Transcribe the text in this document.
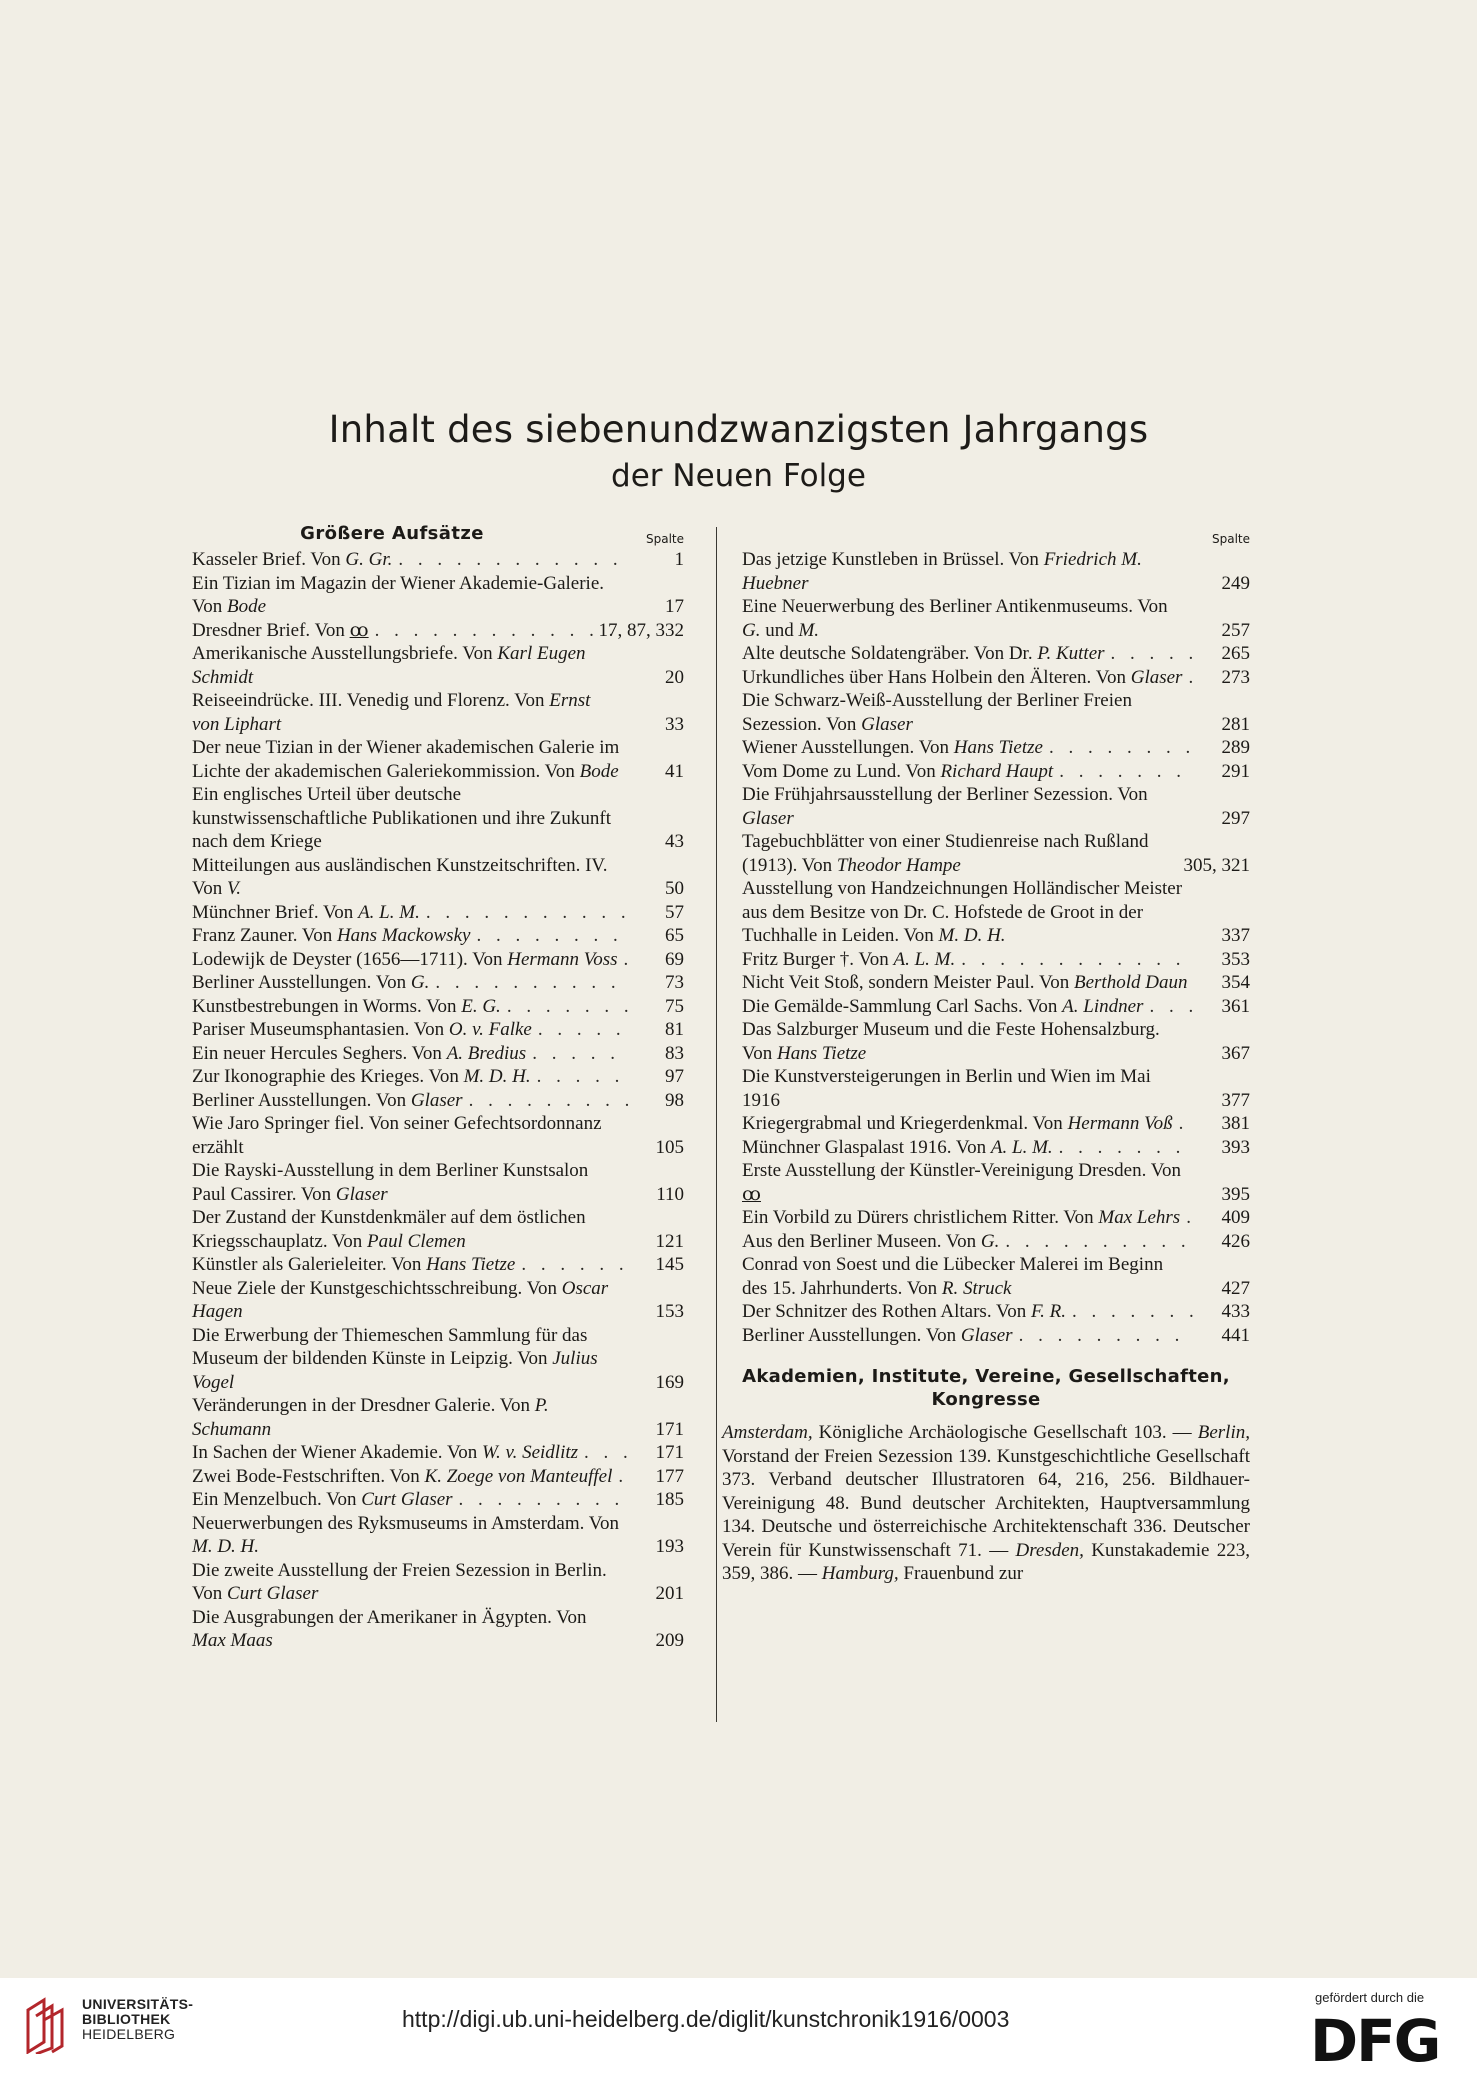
Inhalt des siebenundzwanzigsten Jahrgangs
der Neuen Folge
Größere Aufsätze	Spalte
Kasseler Brief. Von G. Gr. . . .	1
Ein Tizian im Magazin der Wiener Akademie-Galerie. Von Bode
. . .	17
Dresdner Brief. Von ꝏ . . .	17, 87, 332
Amerikanische Ausstellungsbriefe. Von Karl Eugen Schmidt
. . .	20
Reiseeindrücke. III. Venedig und Florenz. Von Ernst von Liphart
. . .	33
Der neue Tizian in der Wiener akademischen Galerie im Lichte der akademischen Galeriekommission. Von Bode
. . . 41
Ein englisches Urteil über deutsche kunstwissenschaftliche Publikationen und ihre Zukunft nach dem Kriege
. . .	43
Mitteilungen aus ausländischen Kunstzeitschriften. IV. Von V.
. . .	50
Münchner Brief. Von A. L. M. . . .	57
Franz Zauner. Von Hans Mackowsky . . .	65
Lodewijk de Deyster (1656—1711). Von Hermann Voss . . . 69
Berliner Ausstellungen. Von G. . . .	73
Kunstbestrebungen in Worms. Von E. G. . . .	75
Pariser Museumsphantasien. Von O. v. Falke . . .	81
Ein neuer Hercules Seghers. Von A. Bredius . . .	83
Zur Ikonographie des Krieges. Von M. D. H. . . .	97
Berliner Ausstellungen. Von Glaser . . .	98
Wie Jaro Springer fiel. Von seiner Gefechtsordonnanz erzählt
. . .	105
Die Rayski-Ausstellung in dem Berliner Kunstsalon Paul Cassirer. Von Glaser
. . .	110
Der Zustand der Kunstdenkmäler auf dem östlichen Kriegsschauplatz. Von Paul Clemen
. . .	121
Künstler als Galerieleiter. Von Hans Tietze . . .	145
Neue Ziele der Kunstgeschichtsschreibung. Von Oscar Hagen
. . .	153
Die Erwerbung der Thiemeschen Sammlung für das Museum der bildenden Künste in Leipzig. Von Julius Vogel
. . .	169
Veränderungen in der Dresdner Galerie. Von P. Schumann
. . .	171
In Sachen der Wiener Akademie. Von W. v. Seidlitz . . .	171
Zwei Bode-Festschriften. Von K. Zoege von Manteuffel . . . 177
Ein Menzelbuch. Von Curt Glaser . . .	185
Neuerwerbungen des Ryksmuseums in Amsterdam. Von M. D. H.
. . .	193
Die zweite Ausstellung der Freien Sezession in Berlin. Von Curt Glaser
. . .	201
Die Ausgrabungen der Amerikaner in Ägypten. Von Max Maas
. . .	209
Spalte
Das jetzige Kunstleben in Brüssel. Von Friedrich M. Huebner
. . .	249
Eine Neuerwerbung des Berliner Antikenmuseums. Von G. und M.
. . .	257
Alte deutsche Soldatengräber. Von Dr. P. Kutter . . .	265
Urkundliches über Hans Holbein den Älteren. Von Glaser . . . 273
Die Schwarz-Weiß-Ausstellung der Berliner Freien Sezession. Von Glaser
. . .	281
Wiener Ausstellungen. Von Hans Tietze . . .	289
Vom Dome zu Lund. Von Richard Haupt . . .	291
Die Frühjahrsausstellung der Berliner Sezession. Von Glaser
. . .	297
Tagebuchblätter von einer Studienreise nach Rußland (1913). Von Theodor Hampe
. . .	305, 321
Ausstellung von Handzeichnungen Holländischer Meister aus dem Besitze von Dr. C. Hofstede de Groot in der Tuchhalle in Leiden. Von M. D. H.
. . .	337
Fritz Burger †. Von A. L. M. . . .	353
Nicht Veit Stoß, sondern Meister Paul. Von Berthold Daun . . . 354
Die Gemälde-Sammlung Carl Sachs. Von A. Lindner . . .	361
Das Salzburger Museum und die Feste Hohensalzburg. Von Hans Tietze
. . .	367
Die Kunstversteigerungen in Berlin und Wien im Mai 1916
. . .	377
Kriegergrabmal und Kriegerdenkmal. Von Hermann Voß . . .	381
Münchner Glaspalast 1916. Von A. L. M. . . .	393
Erste Ausstellung der Künstler-Vereinigung Dresden. Von ꝏ
. . .	395
Ein Vorbild zu Dürers christlichem Ritter. Von Max Lehrs . . . 409
Aus den Berliner Museen. Von G. . . .	426
Conrad von Soest und die Lübecker Malerei im Beginn des 15. Jahrhunderts. Von R. Struck
. . .	427
Der Schnitzer des Rothen Altars. Von F. R. . . .	433
Berliner Ausstellungen. Von Glaser . . .	441
Akademien, Institute, Vereine, Gesellschaften, Kongresse
Amsterdam, Königliche Archäologische Gesellschaft 103. — Berlin, Vorstand der Freien Sezession 139. Kunstgeschichtliche Gesellschaft 373. Verband deutscher Illustratoren 64, 216, 256. Bildhauer-Vereinigung 48. Bund deutscher Architekten, Hauptversammlung 134. Deutsche und österreichische Architektenschaft 336. Deutscher Verein für Kunstwissenschaft 71. — Dresden, Kunstakademie 223, 359, 386. — Hamburg, Frauenbund zur
UNIVERSITÄTS-
BIBLIOTHEK
HEIDELBERG
http://digi.ub.uni-heidelberg.de/diglit/kunstchronik1916/0003
gefördert durch die
DFG
